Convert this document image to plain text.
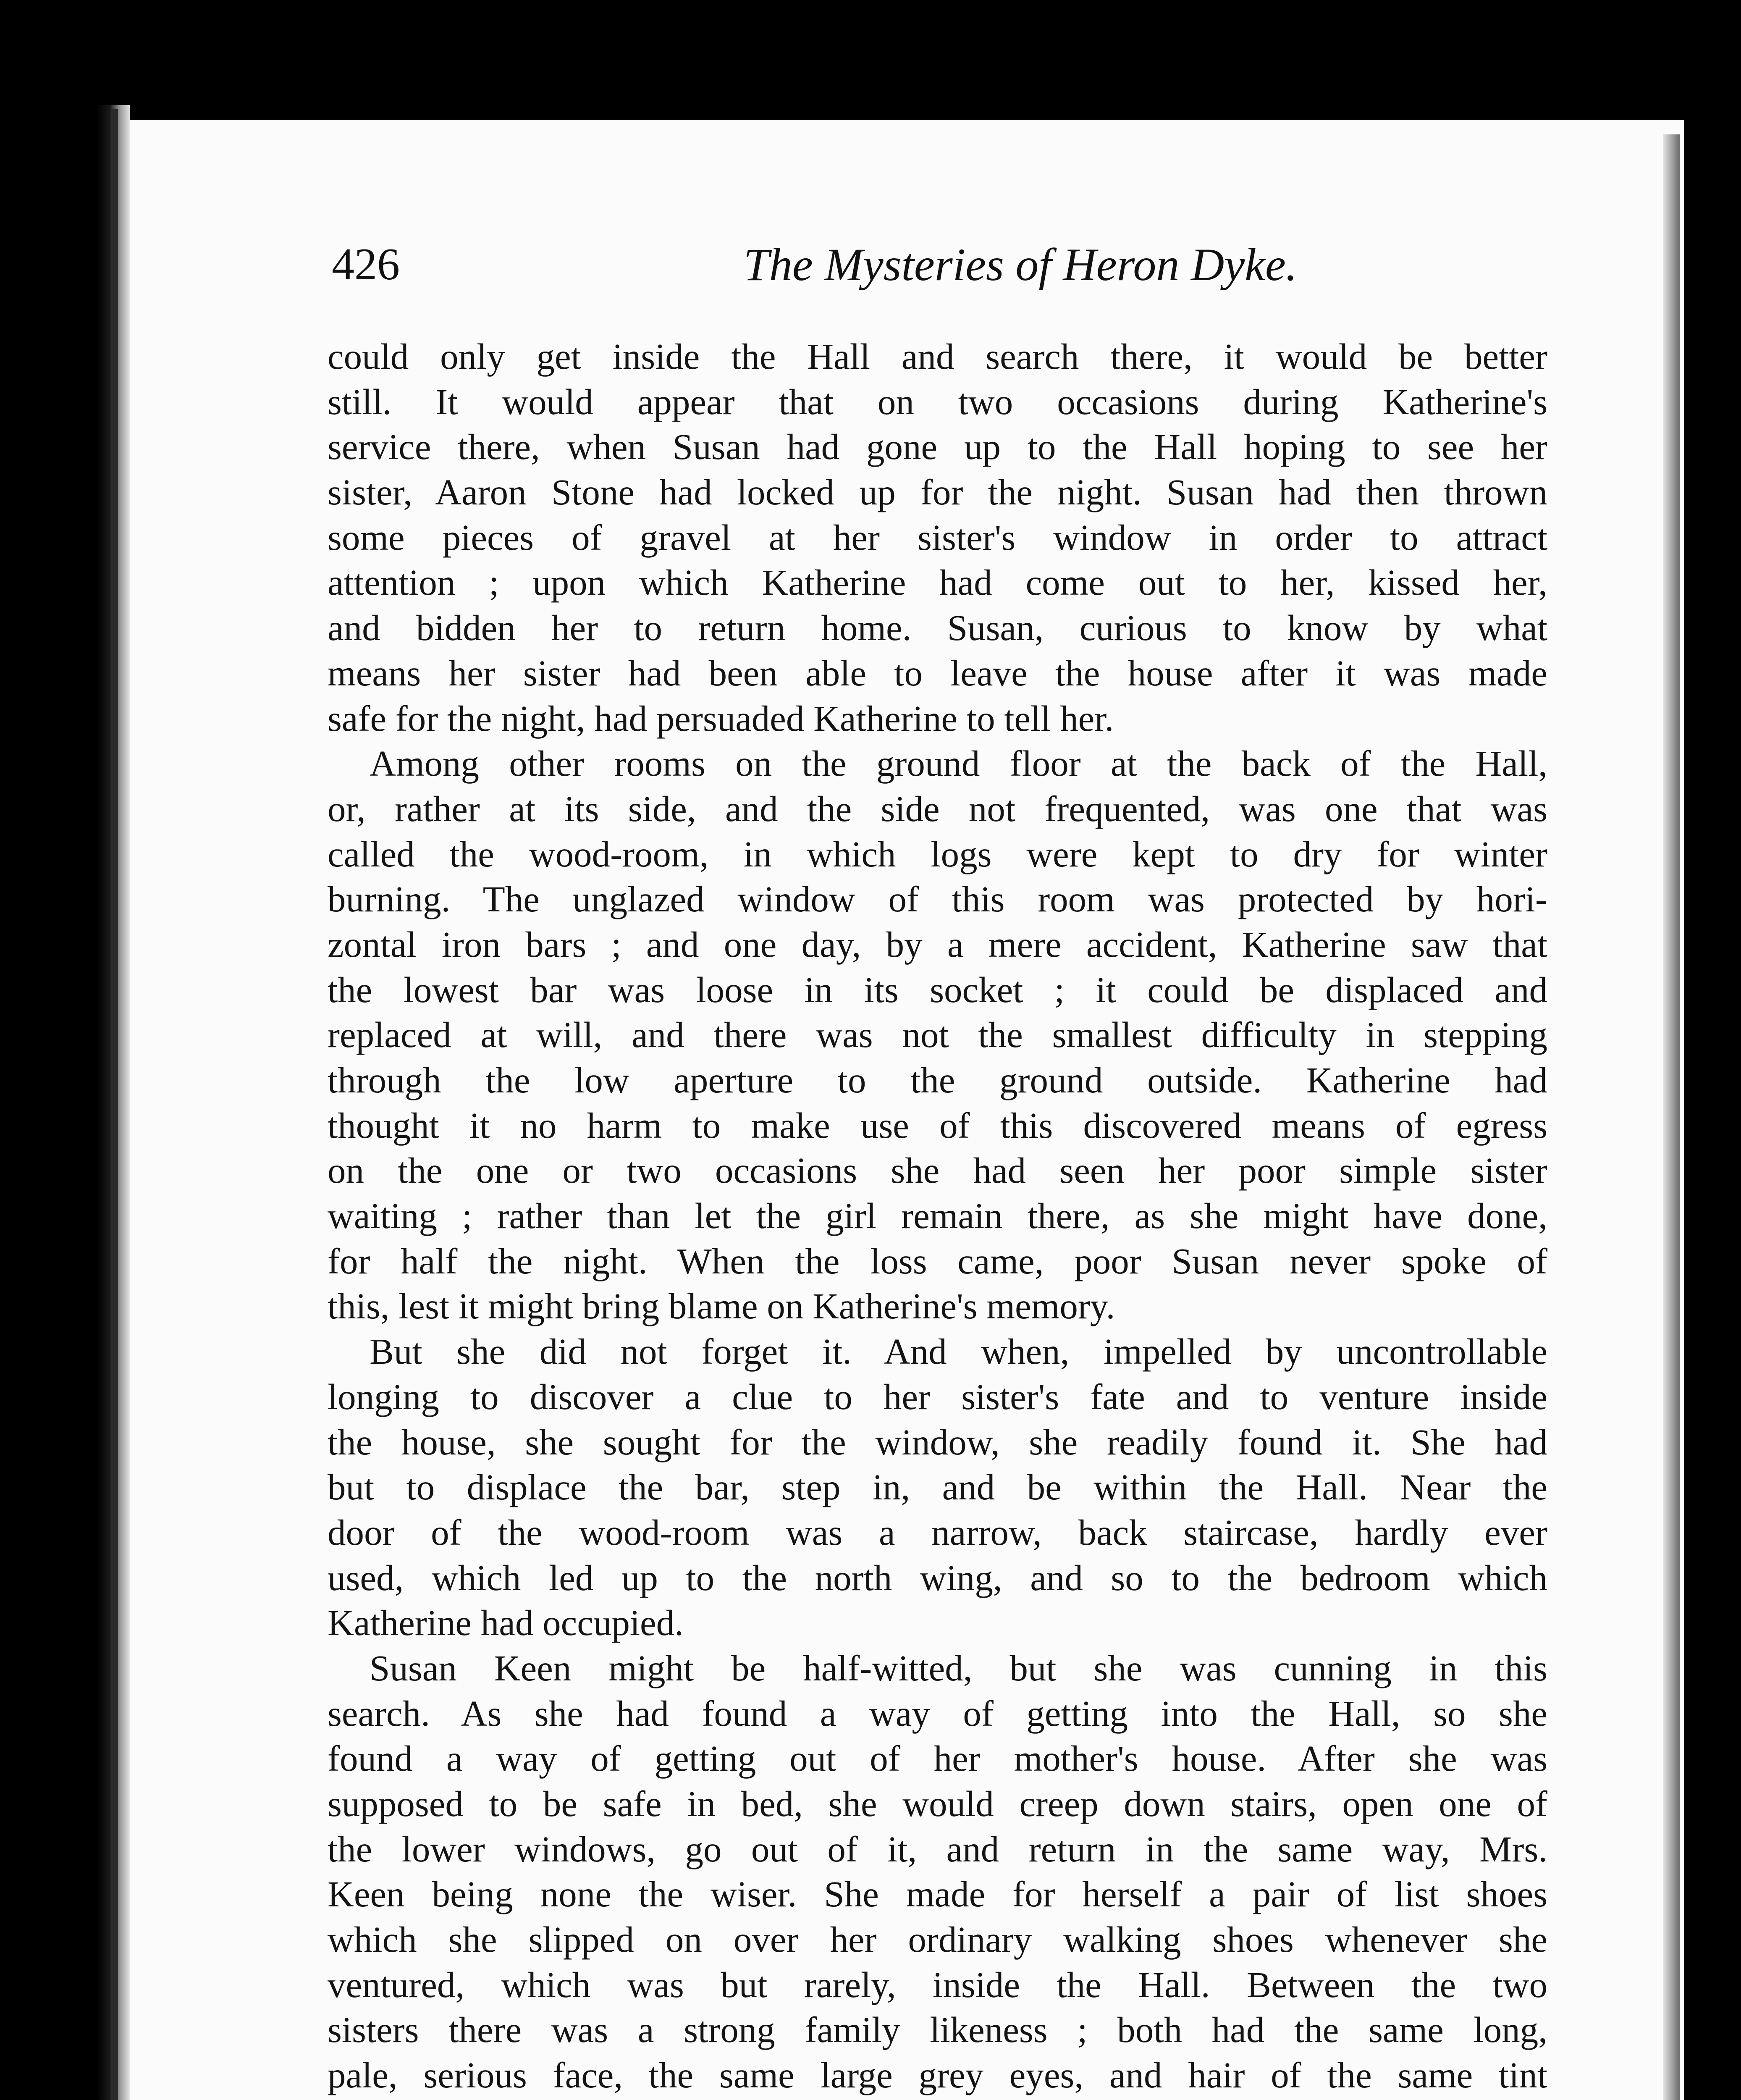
426	The Mysteries of Heron Dyke.
could only get inside the Hall and search there, it would be better
still. It would appear that on two occasions during Katherine's
service there, when Susan had gone up to the Hall hoping to see her
sister, Aaron Stone had locked up for the night. Susan had then thrown
some pieces of gravel at her sister's window in order to attract
attention ; upon which Katherine had come out to her, kissed her,
and bidden her to return home. Susan, curious to know by what
means her sister had been able to leave the house after it was made
safe for the night, had persuaded Katherine to tell her.
Among other rooms on the ground floor at the back of the Hall,
or, rather at its side, and the side not frequented, was one that was
called the wood-room, in which logs were kept to dry for winter
burning. The unglazed window of this room was protected by hori-
zontal iron bars ; and one day, by a mere accident, Katherine saw that
the lowest bar was loose in its socket ; it could be displaced and
replaced at will, and there was not the smallest difficulty in stepping
through the low aperture to the ground outside. Katherine had
thought it no harm to make use of this discovered means of egress
on the one or two occasions she had seen her poor simple sister
waiting ; rather than let the girl remain there, as she might have done,
for half the night. When the loss came, poor Susan never spoke of
this, lest it might bring blame on Katherine's memory.
But she did not forget it. And when, impelled by uncontrollable
longing to discover a clue to her sister's fate and to venture inside
the house, she sought for the window, she readily found it. She had
but to displace the bar, step in, and be within the Hall. Near the
door of the wood-room was a narrow, back staircase, hardly ever
used, which led up to the north wing, and so to the bedroom which
Katherine had occupied.
Susan Keen might be half-witted, but she was cunning in this
search. As she had found a way of getting into the Hall, so she
found a way of getting out of her mother's house. After she was
supposed to be safe in bed, she would creep down stairs, open one of
the lower windows, go out of it, and return in the same way, Mrs.
Keen being none the wiser. She made for herself a pair of list shoes
which she slipped on over her ordinary walking shoes whenever she
ventured, which was but rarely, inside the Hall. Between the two
sisters there was a strong family likeness ; both had the same long,
pale, serious face, the same large grey eyes, and hair of the same tint
